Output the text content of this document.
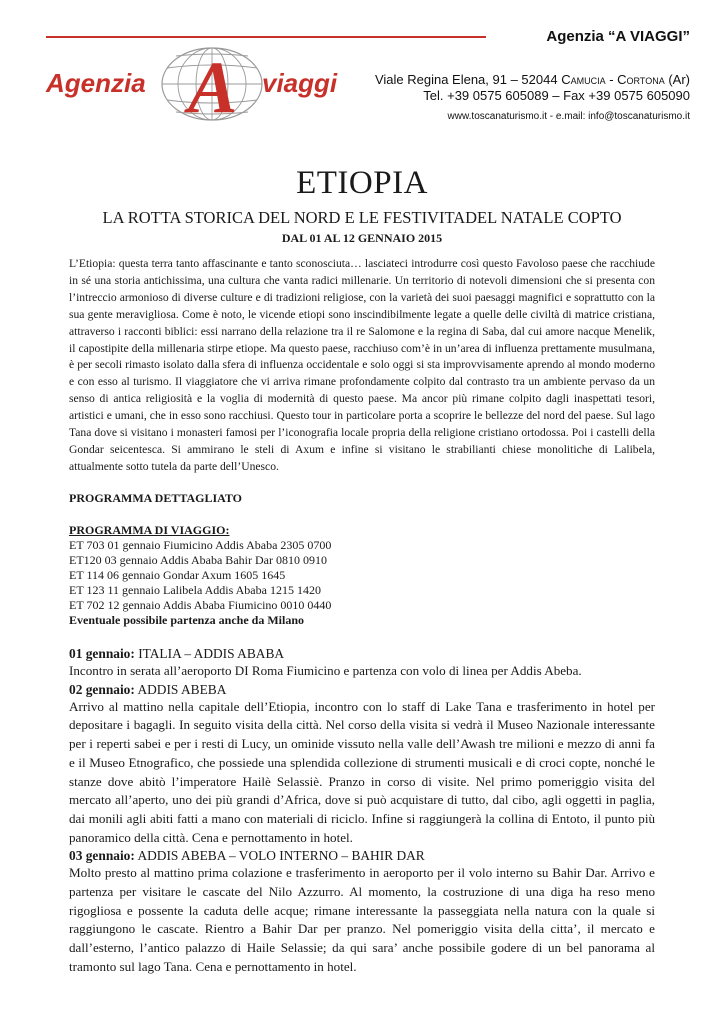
Agenzia “A VIAGGI”
Agenzia A viaggi	Viale Regina Elena, 91 – 52044 Camucia - Cortona (Ar)
Tel. +39 0575 605089 – Fax +39 0575 605090
www.toscanaturismo.it - e.mail: info@toscanaturismo.it
ETIOPIA
LA ROTTA STORICA DEL NORD E LE FESTIVITADEL NATALE COPTO
DAL 01 AL 12 GENNAIO 2015

L’Etiopia: questa terra tanto affascinante e tanto sconosciuta… lasciateci introdurre così questo Favoloso paese che racchiude in sé una storia antichissima, una cultura che vanta radici millenarie. Un territorio di notevoli dimensioni che si presenta con l’intreccio armonioso di diverse culture e di tradizioni religiose, con la varietà dei suoi paesaggi magnifici e soprattutto con la sua gente meravigliosa. Come è noto, le vicende etiopi sono inscindibilmente legate a quelle delle civiltà di matrice cristiana, attraverso i racconti biblici: essi narrano della relazione tra il re Salomone e la regina di Saba, dal cui amore nacque Menelik, il capostipite della millenaria stirpe etiope. Ma questo paese, racchiuso com’è in un’area di influenza prettamente musulmana, è per secoli rimasto isolato dalla sfera di influenza occidentale e solo oggi si sta improvvisamente aprendo al mondo moderno e con esso al turismo. Il viaggiatore che vi arriva rimane profondamente colpito dal contrasto tra un ambiente pervaso da un senso di antica religiosità e la voglia di modernità di questo paese. Ma ancor più rimane colpito dagli inaspettati tesori, artistici e umani, che in esso sono racchiusi. Questo tour in particolare porta a scoprire le bellezze del nord del paese. Sul lago Tana dove si visitano i monasteri famosi per l’iconografia locale propria della religione cristiano ortodossa. Poi i castelli della Gondar seicentesca. Si ammirano le steli di Axum e infine si visitano le strabilianti chiese monolitiche di Lalibela, attualmente sotto tutela da parte dell’Unesco.

PROGRAMMA DETTAGLIATO
PROGRAMMA DI VIAGGIO:
ET 703 01 gennaio Fiumicino Addis Ababa 2305 0700
ET120 03 gennaio Addis Ababa Bahir Dar 0810 0910
ET 114 06 gennaio Gondar Axum 1605 1645
ET 123 11 gennaio Lalibela Addis Ababa 1215 1420
ET 702 12 gennaio Addis Ababa Fiumicino 0010 0440
Eventuale possibile partenza anche da Milano

01 gennaio: ITALIA – ADDIS ABABA

Incontro in serata all’aeroporto DI Roma Fiumicino e partenza con volo di linea per Addis Abeba.

02 gennaio: ADDIS ABEBA

Arrivo al mattino nella capitale dell’Etiopia, incontro con lo staff di Lake Tana e trasferimento in hotel per depositare i bagagli. In seguito visita della città. Nel corso della visita si vedrà il Museo Nazionale interessante per i reperti sabei e per i resti di Lucy, un ominide vissuto nella valle dell’Awash tre milioni e mezzo di anni fa e il Museo Etnografico, che possiede una splendida collezione di strumenti musicali e di croci copte, nonché le stanze dove abitò l’imperatore Hailè Selassiè. Pranzo in corso di visite. Nel primo pomeriggio visita del mercato all’aperto, uno dei più grandi d’Africa, dove si può acquistare di tutto, dal cibo, agli oggetti in paglia, dai monili agli abiti fatti a mano con materiali di riciclo. Infine si raggiungerà la collina di Entoto, il punto più panoramico della città. Cena e pernottamento in hotel.

03 gennaio: ADDIS ABEBA – VOLO INTERNO – BAHIR DAR

Molto presto al mattino prima colazione e trasferimento in aeroporto per il volo interno su Bahir Dar. Arrivo e partenza per visitare le cascate del Nilo Azzurro. Al momento, la costruzione di una diga ha reso meno rigogliosa e possente la caduta delle acque; rimane interessante la passeggiata nella natura con la quale si raggiungono le cascate. Rientro a Bahir Dar per pranzo. Nel pomeriggio visita della citta’, il mercato e dall’esterno, l’antico palazzo di Haile Selassie; da qui sara’ anche possibile godere di un bel panorama al tramonto sul lago Tana. Cena e pernottamento in hotel.
